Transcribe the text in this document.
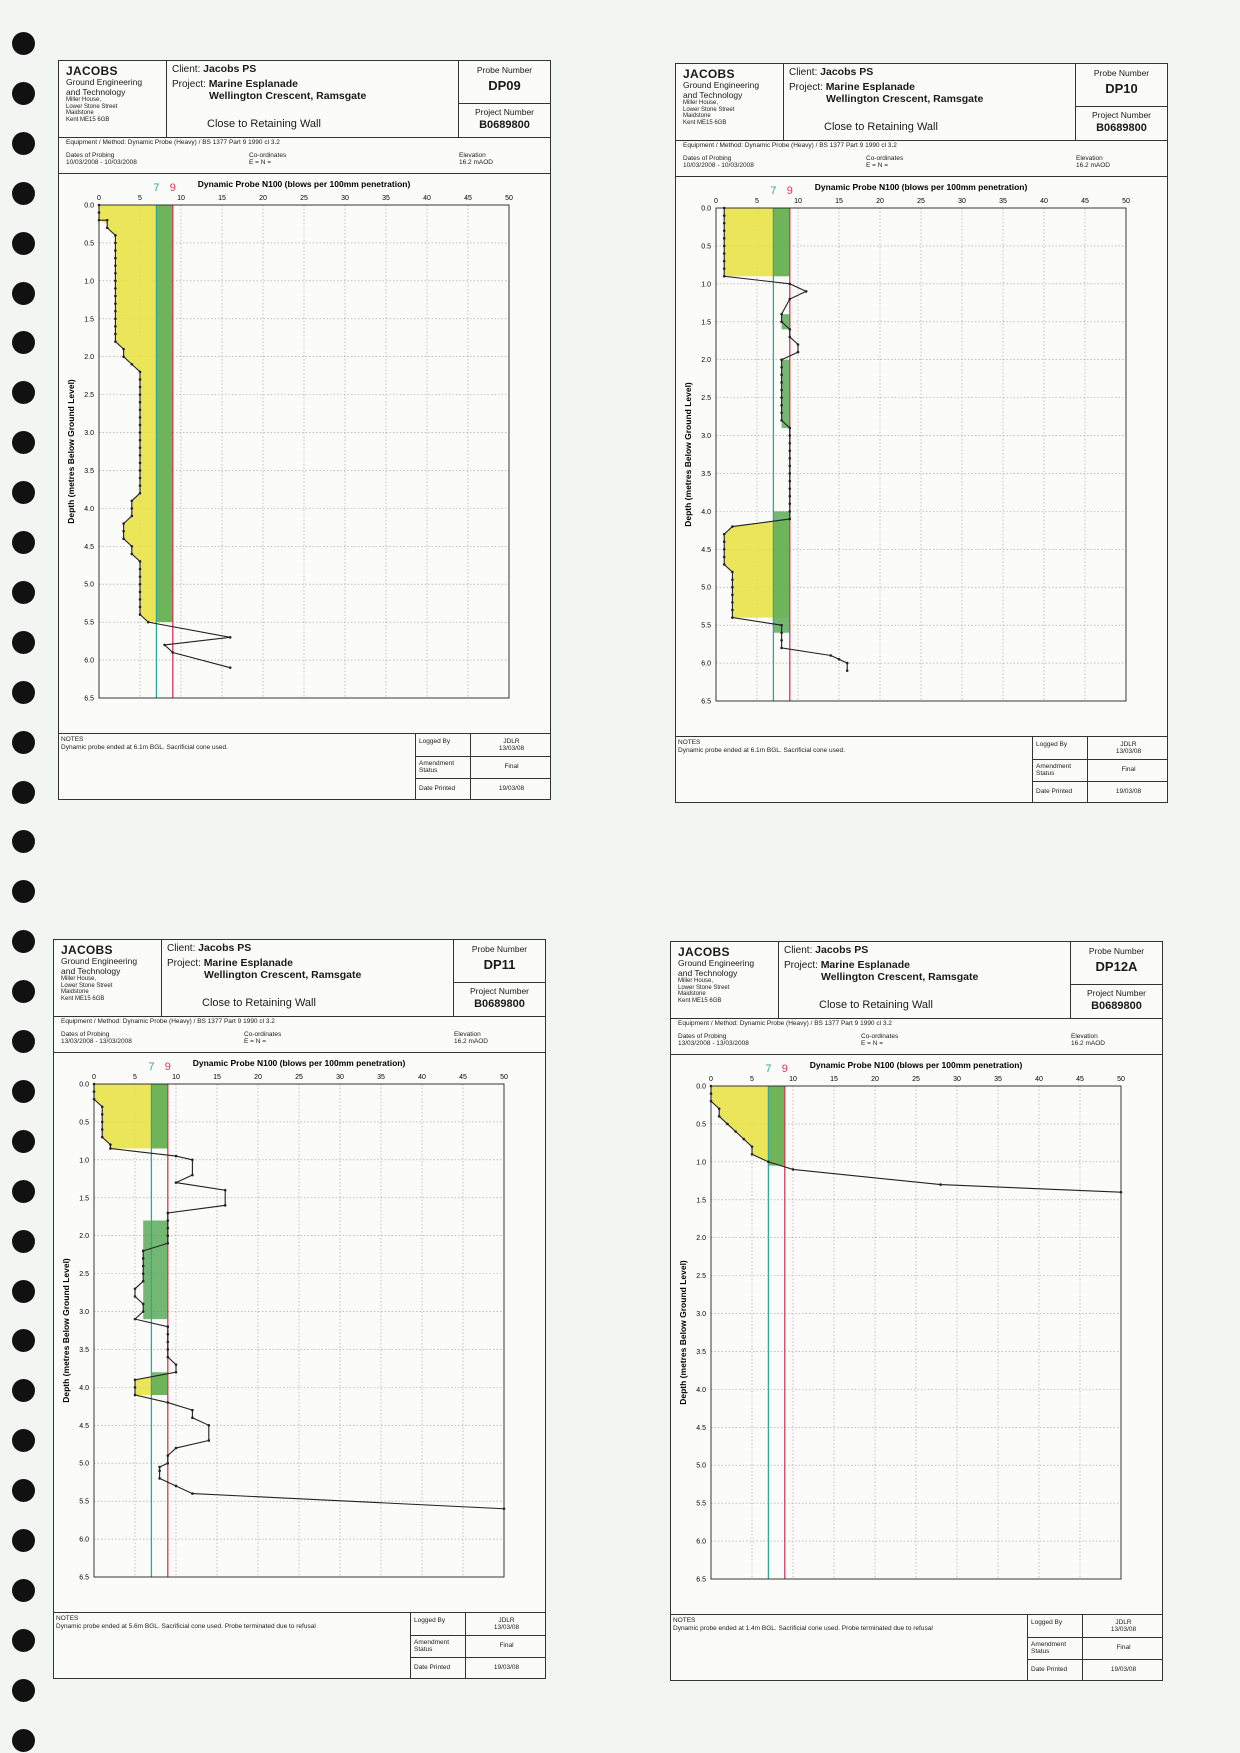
JACOBS
Ground Engineering
and Technology
Miller House,
Lower Stone Street
Maidstone
Kent ME15 6GB
Client: Jacobs PS
Project: Marine Esplanade
Wellington Crescent, Ramsgate
Close to Retaining Wall
Probe Number
DP09
Project Number
B0689800
Equipment / Method: Dynamic Probe (Heavy) / BS 1377 Part 9 1990 cl 3.2
Dates of Probing
10/03/2008 - 10/03/2008
Co-ordinates
E = N =
Elevation
16.2 mAOD
Dynamic Probe N100 (blows per 100mm penetration)
0	5	10	15	20	25	30	35	40	45	50
0.0
0.5
1.0
1.5
2.0
2.5
3.0
3.5
4.0
4.5
5.0
5.5
6.0
6.5
7 9
Depth (metres Below Ground Level)
NOTES
Dynamic probe ended at 6.1m BGL. Sacrificial cone used.
Logged By	JDLR
13/03/08
Amendment
Status
Final
Date Printed	19/03/08
JACOBS
Ground Engineering
and Technology
Miller House,
Lower Stone Street
Maidstone
Kent ME15 6GB
Client: Jacobs PS
Project: Marine Esplanade
Wellington Crescent, Ramsgate
Close to Retaining Wall
Probe Number
DP10
Project Number
B0689800
Equipment / Method: Dynamic Probe (Heavy) / BS 1377 Part 9 1990 cl 3.2
Dates of Probing
10/03/2008 - 10/03/2008
Co-ordinates
E = N =
Elevation
16.2 mAOD
Dynamic Probe N100 (blows per 100mm penetration)
0	5	10	15	20	25	30	35	40	45	50
0.0
0.5
1.0
1.5
2.0
2.5
3.0
3.5
4.0
4.5
5.0
5.5
6.0
6.5
7 9
Depth (metres Below Ground Level)
NOTES
Dynamic probe ended at 6.1m BGL. Sacrificial cone used.
Logged By	JDLR
13/03/08
Amendment
Status
Final
Date Printed	19/03/08
JACOBS
Ground Engineering
and Technology
Miller House,
Lower Stone Street
Maidstone
Kent ME15 6GB
Client: Jacobs PS
Project: Marine Esplanade
Wellington Crescent, Ramsgate
Close to Retaining Wall
Probe Number
DP11
Project Number
B0689800
Equipment / Method: Dynamic Probe (Heavy) / BS 1377 Part 9 1990 cl 3.2
Dates of Probing
13/03/2008 - 13/03/2008
Co-ordinates
E = N =
Elevation
16.2 mAOD
Dynamic Probe N100 (blows per 100mm penetration)
0	5	10	15	20	25	30	35	40	45	50
0.0
0.5
1.0
1.5
2.0
2.5
3.0
3.5
4.0
4.5
5.0
5.5
6.0
6.5
7 9
Depth (metres Below Ground Level)
NOTES
Dynamic probe ended at 5.6m BGL. Sacrificial cone used. Probe terminated due to refusal
Logged By	JDLR
13/03/08
Amendment
Status
Final
Date Printed	19/03/08
JACOBS
Ground Engineering
and Technology
Miller House,
Lower Stone Street
Maidstone
Kent ME15 6GB
Client: Jacobs PS
Project: Marine Esplanade
Wellington Crescent, Ramsgate
Close to Retaining Wall
Probe Number
DP12A
Project Number
B0689800
Equipment / Method: Dynamic Probe (Heavy) / BS 1377 Part 9 1990 cl 3.2
Dates of Probing
13/03/2008 - 13/03/2008
Co-ordinates
E = N =
Elevation
16.2 mAOD
Dynamic Probe N100 (blows per 100mm penetration)
0	5	10	15	20	25	30	35	40	45	50
0.0
0.5
1.0
1.5
2.0
2.5
3.0
3.5
4.0
4.5
5.0
5.5
6.0
6.5
7 9
Depth (metres Below Ground Level)
NOTES
Dynamic probe ended at 1.4m BGL. Sacrificial cone used. Probe terminated due to refusal
Logged By	JDLR
13/03/08
Amendment
Status
Final
Date Printed	19/03/08
